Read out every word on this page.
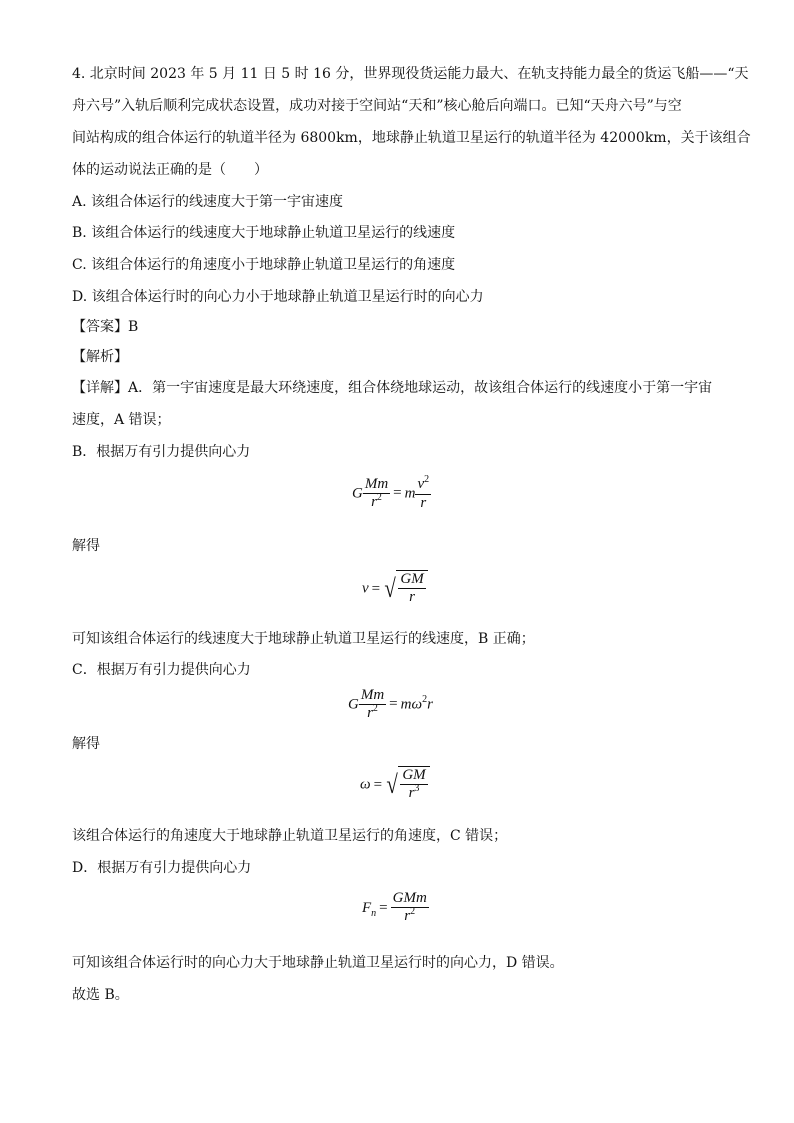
4. 北京时间 2023 年 5 月 11 日 5 时 16 分，世界现役货运能力最大、在轨支持能力最全的货运飞船——“天
舟六号”入轨后顺利完成状态设置，成功对接于空间站“天和”核心舱后向端口。已知“天舟六号”与空
间站构成的组合体运行的轨道半径为 6800km，地球静止轨道卫星运行的轨道半径为 42000km，关于该组合
体的运动说法正确的是（　　）
A. 该组合体运行的线速度大于第一宇宙速度
B. 该组合体运行的线速度大于地球静止轨道卫星运行的线速度
C. 该组合体运行的角速度小于地球静止轨道卫星运行的角速度
D. 该组合体运行时的向心力小于地球静止轨道卫星运行时的向心力
【答案】B
【解析】
【详解】A．第一宇宙速度是最大环绕速度，组合体绕地球运动，故该组合体运行的线速度小于第一宇宙
速度，A 错误；
B．根据万有引力提供向心力
G $\frac{Mm}{r^2} = m \frac{v^2}{r}$
解得
v = √ $\frac{GM}{r}$
可知该组合体运行的线速度大于地球静止轨道卫星运行的线速度，B 正确；
C．根据万有引力提供向心力
G $\frac{Mm}{r^2} = m\omega^2r$
解得
ω = √ $\frac{GM}{r^3}$
该组合体运行的角速度大于地球静止轨道卫星运行的角速度，C 错误；
D．根据万有引力提供向心力
$F_n = \frac{\text{GMm}}{r^2}$
可知该组合体运行时的向心力大于地球静止轨道卫星运行时的向心力，D 错误。
故选 B。
